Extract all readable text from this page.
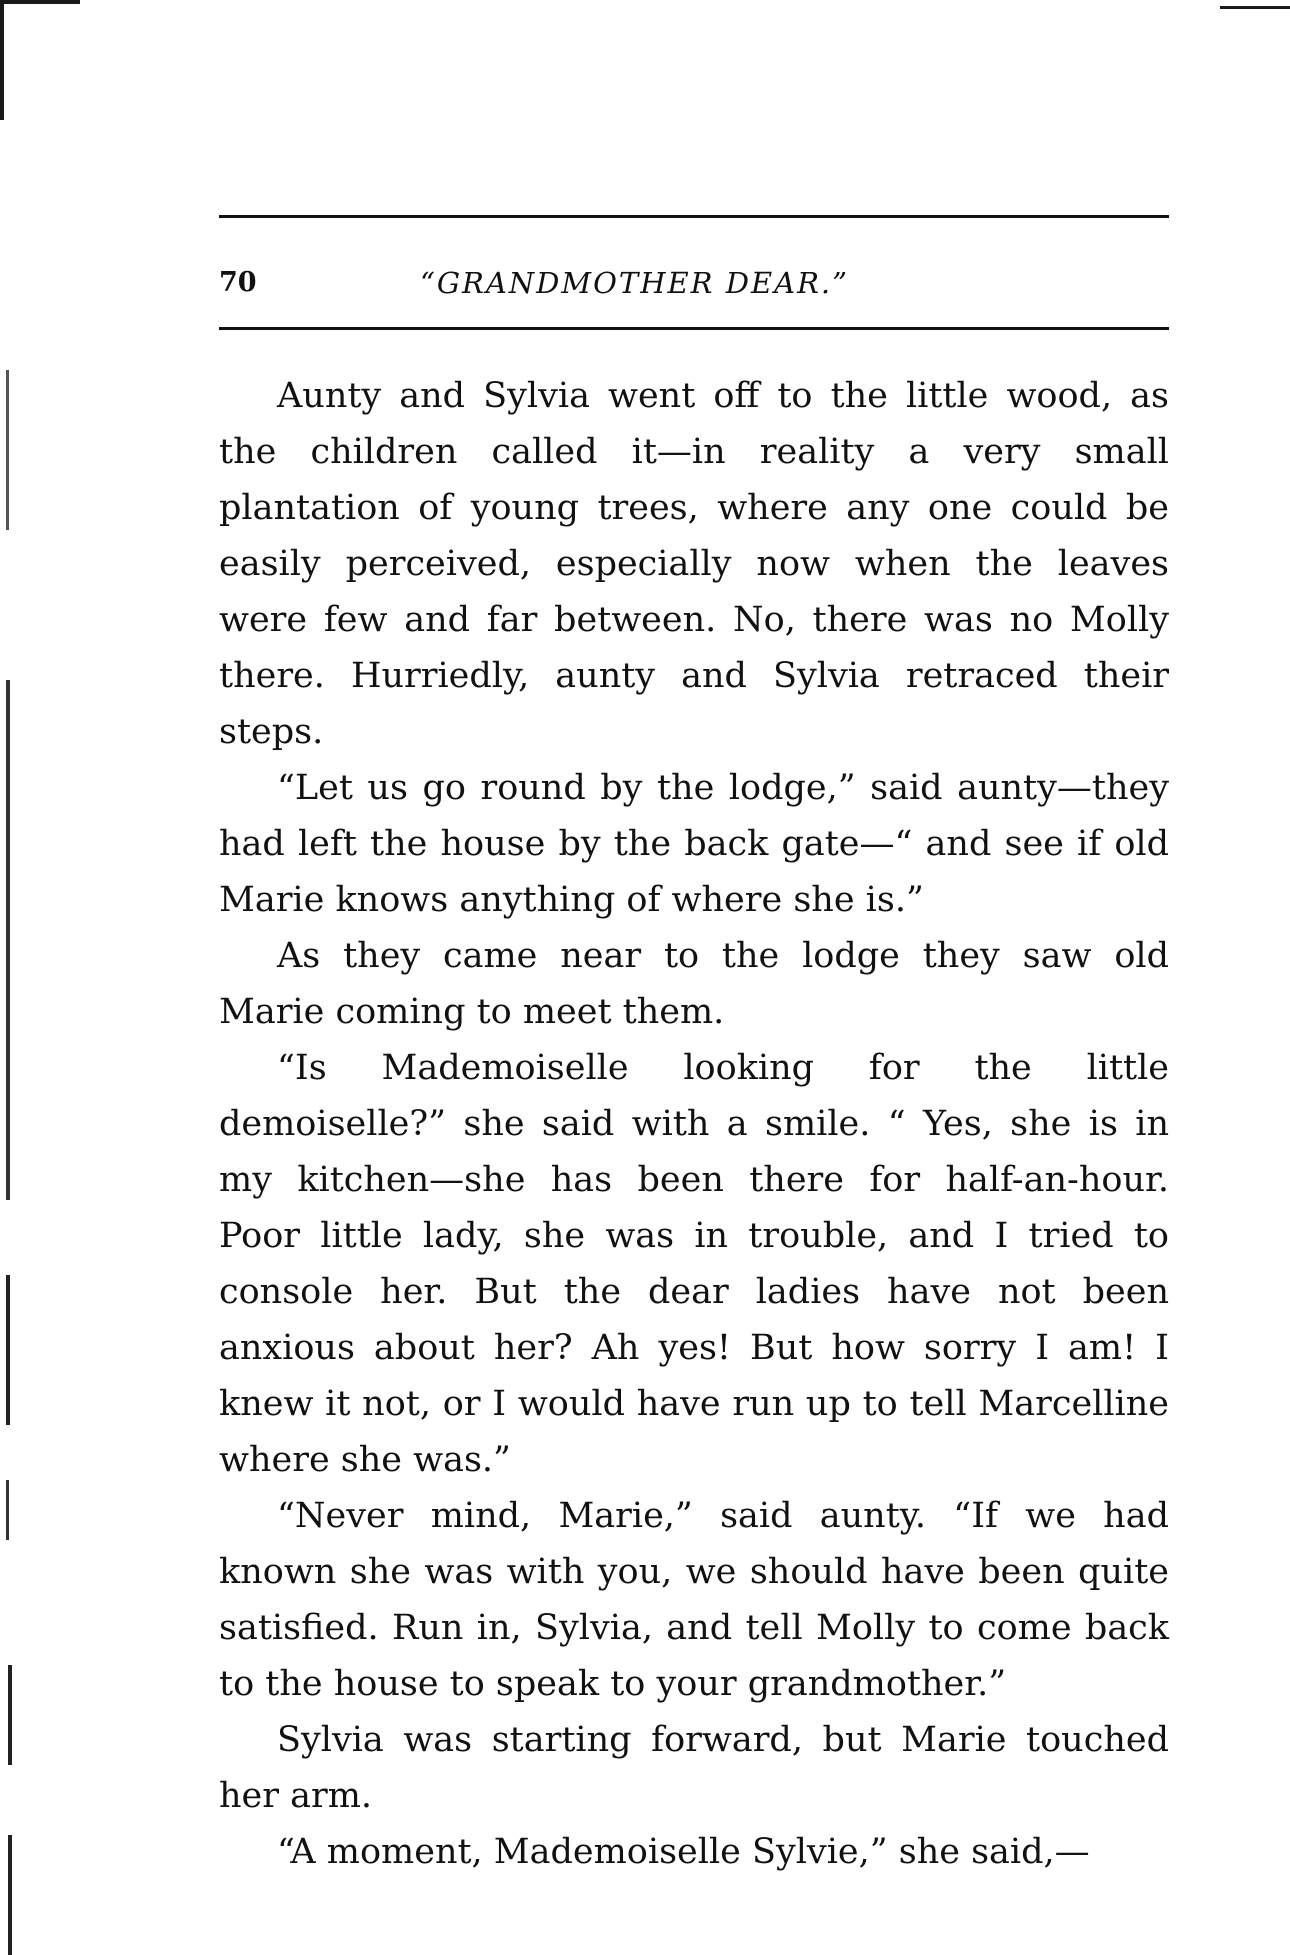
70	“GRANDMOTHER DEAR.”

Aunty and Sylvia went off to the little wood, as the children called it—in reality a very small plantation of young trees, where any one could be easily perceived, especially now when the leaves were few and far between. No, there was no Molly there. Hurriedly, aunty and Sylvia retraced their steps.

“Let us go round by the lodge,” said aunty—they had left the house by the back gate—“ and see if old Marie knows anything of where she is.”

As they came near to the lodge they saw old Marie coming to meet them.

“Is Mademoiselle looking for the little demoiselle?” she said with a smile. “ Yes, she is in my kitchen—she has been there for half-an-hour. Poor little lady, she was in trouble, and I tried to console her. But the dear ladies have not been anxious about her? Ah yes! But how sorry I am! I knew it not, or I would have run up to tell Marcelline where she was.”

“Never mind, Marie,” said aunty. “If we had known she was with you, we should have been quite satisfied. Run in, Sylvia, and tell Molly to come back to the house to speak to your grandmother.”

Sylvia was starting forward, but Marie touched her arm.

“A moment, Mademoiselle Sylvie,” she said,—
